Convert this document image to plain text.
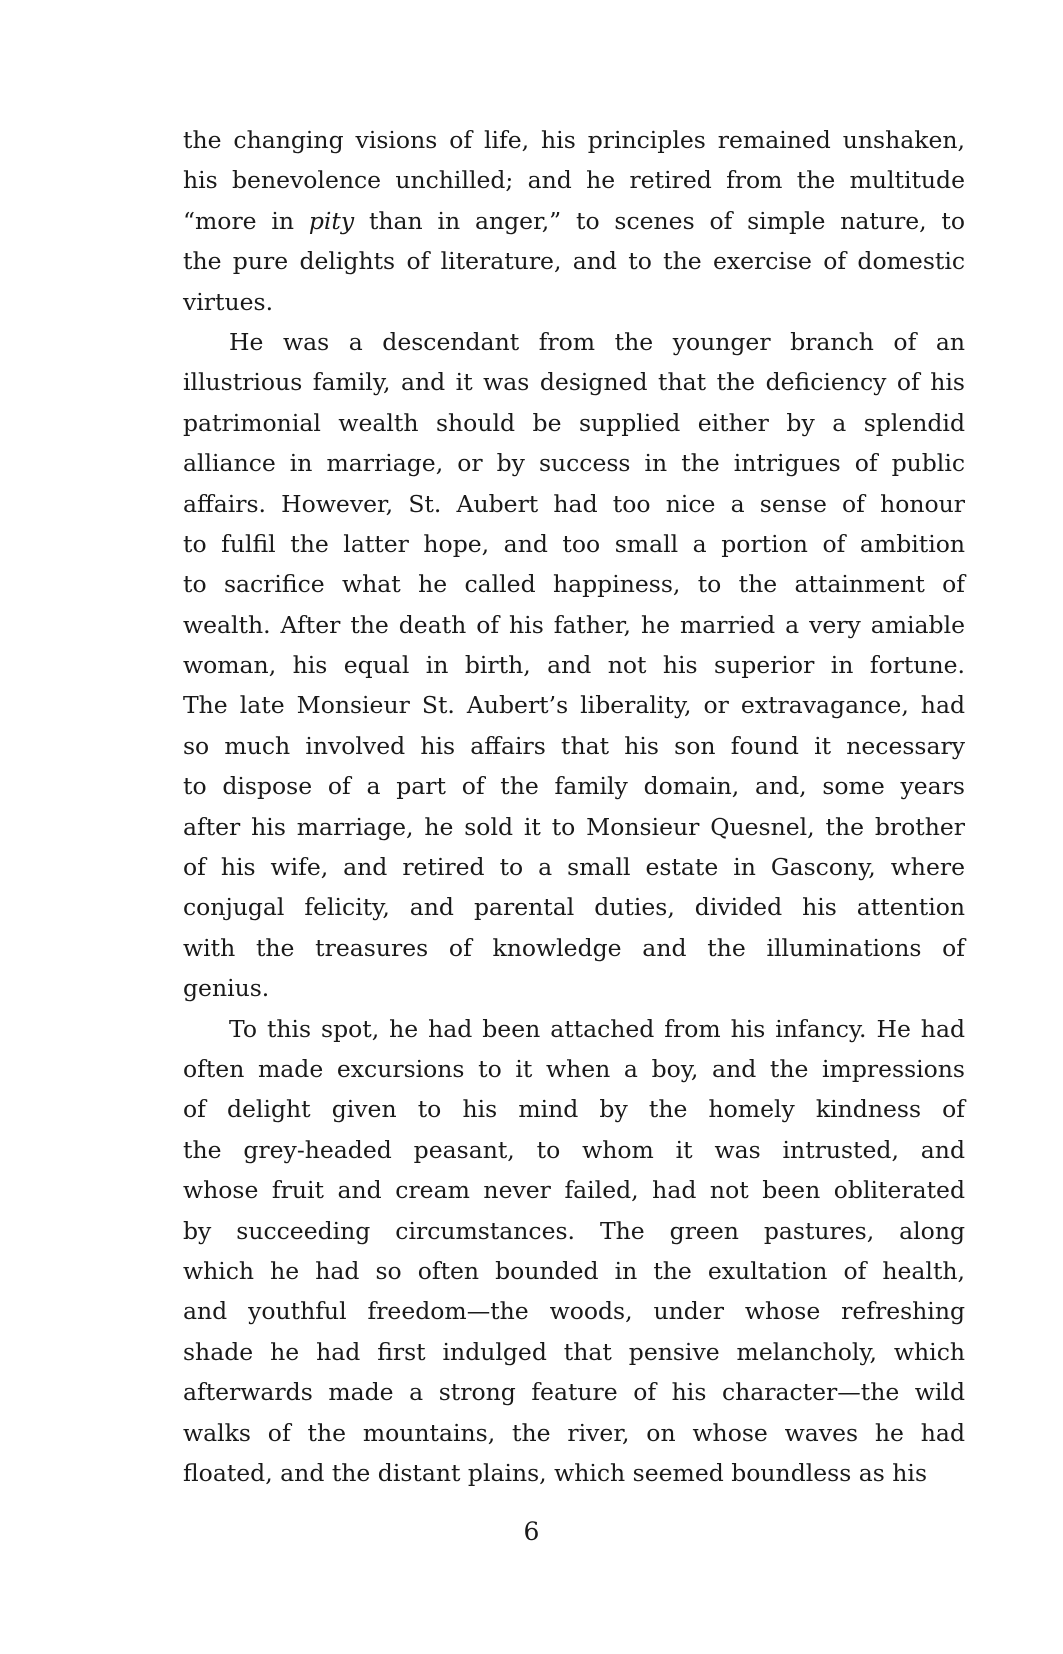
the changing visions of life, his principles remained unshaken,
his benevolence unchilled; and he retired from the multitude
“more in pity than in anger,” to scenes of simple nature, to
the pure delights of literature, and to the exercise of domestic
virtues.
He was a descendant from the younger branch of an
illustrious family, and it was designed that the deficiency of his
patrimonial wealth should be supplied either by a splendid
alliance in marriage, or by success in the intrigues of public
affairs. However, St. Aubert had too nice a sense of honour
to fulfil the latter hope, and too small a portion of ambition
to sacrifice what he called happiness, to the attainment of
wealth. After the death of his father, he married a very amiable
woman, his equal in birth, and not his superior in fortune.
The late Monsieur St. Aubert’s liberality, or extravagance, had
so much involved his affairs that his son found it necessary
to dispose of a part of the family domain, and, some years
after his marriage, he sold it to Monsieur Quesnel, the brother
of his wife, and retired to a small estate in Gascony, where
conjugal felicity, and parental duties, divided his attention
with the treasures of knowledge and the illuminations of
genius.
To this spot, he had been attached from his infancy. He had
often made excursions to it when a boy, and the impressions
of delight given to his mind by the homely kindness of
the grey-headed peasant, to whom it was intrusted, and
whose fruit and cream never failed, had not been obliterated
by succeeding circumstances. The green pastures, along
which he had so often bounded in the exultation of health,
and youthful freedom—the woods, under whose refreshing
shade he had first indulged that pensive melancholy, which
afterwards made a strong feature of his character—the wild
walks of the mountains, the river, on whose waves he had
floated, and the distant plains, which seemed boundless as his
6
